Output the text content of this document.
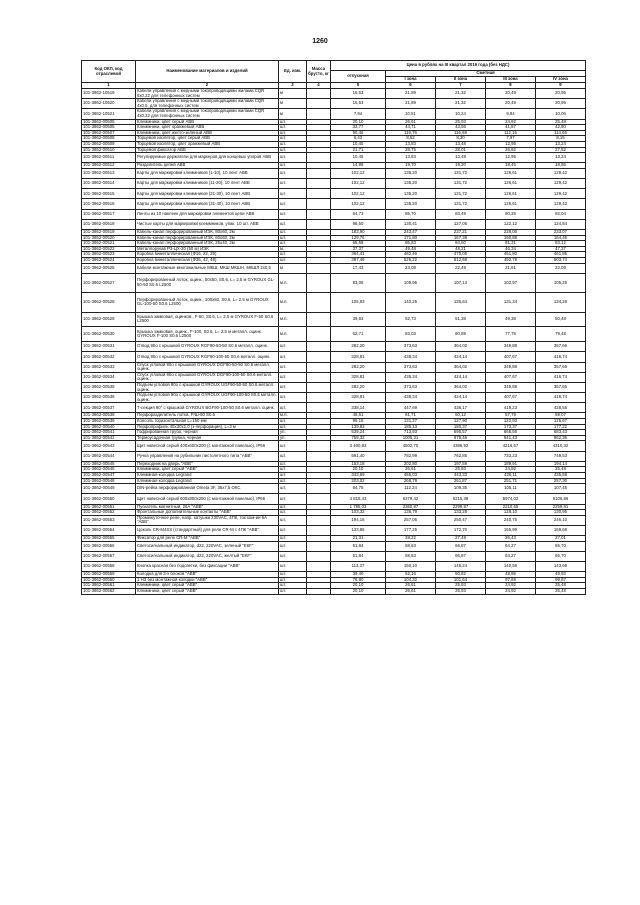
1260
Код ОКП, код отраслевой	Наименование материалов и изделий	Ед. изм.	Масса брутто, кг	Цена в рублях на III квартал 2016 года (без НДС)				
				отпускная	Сметная			
					I зона	II зона	III зона	IV зона
1	2	3	4	5	6	7	8	9
101-3862-10519	Кабели управления с медными токопроводящими жилами CQR 6x0.22 для телефонных систем	м		16,53	21,89	21,32	20,49	20,95
101-3862-10520	Кабели управления с медными токопроводящими жилами CQR 4x0.5, для телефонных систем	м		16,53	21,89	21,32	20,49	20,95
101-3862-10521	Кабели управления с медными токопроводящими жилами CQR 4x0.22 для телефонных систем	м		7,94	10,51	10,24	9,84	10,06
101-3862-00505	Клеммники, цвет серый ABB	шт.		20,10	26,61	25,93	24,92	25,48
101-3862-00506	Клеммники, цвет оранжевый ABB	шт.		33,77	44,71	43,56	41,87	42,80
101-3862-00507	Клеммники, цвет желто-зеленый ABB	шт.		90,46	119,76	116,68	112,15	114,65
101-3862-00508	Торцевой изолятор, цвет серый ABB	шт.		6,43	8,52	8,30	7,97	8,15
101-3862-00509	Торцевой изолятор, цвет оранжевый ABB	шт.		10,45	13,83	13,48	12,95	13,24
101-3862-00510	Торцевой фиксатор ABB	шт.		21,71	28,75	28,01	26,92	27,52
101-3862-00511	Регулируемые держатели для маркеров для концевых упоров ABB	шт.		10,45	13,83	13,48	12,95	13,24
101-3862-00512	Разделитель цепей ABB	шт.		14,88	19,70	19,20	18,45	18,86
101-3862-00513	Карты для маркировки клеммников (1-10), 10 лент ABB	шт.		102,12	135,20	131,72	126,61	129,42
101-3862-00514	Карты для маркировки клеммников (11-20), 10 лент ABB	шт.		102,12	135,20	131,72	126,61	129,42
101-3862-00515	Карты для маркировки клеммников (21-30), 10 лент ABB	шт.		102,12	135,20	131,72	126,61	129,42
101-3862-00516	Карты для маркировки клеммников (31-40), 10 лент ABB	шт.		102,12	135,20	131,72	126,61	129,42
101-3862-00517	Ленты из 10 наклеек для маркировки элементов цепи ABB	шт.		64,73	85,70	83,49	80,25	82,04
101-3862-00518	Чистые карты для маркировки клеммников, упак. 10 шт. ABB	шт.		98,50	130,41	127,06	122,12	124,84
101-3862-00519	Кабель-канал перфорированный ИЭК, 80x60, 2м	шт.		183,90	243,47	237,21	228,00	233,07
101-3862-00520	Кабель-канал перфорированный ИЭК, 60x60, 2м	шт.		129,76	171,80	167,38	160,88	164,46
101-3862-00521	Кабель-канал перфорированный ИЭК, 25x40, 2м	шт.		65,58	86,83	84,60	81,31	83,12
101-3862-00522	Металлорукав Р3-ЦХ-20 (50 м) ИЭК	м.		37,37	49,48	48,21	46,34	47,37
101-3862-00523	Коробка биметаллическая (Ф16, 22, 29)	шт.		364,41	482,46	470,05	451,80	461,85
101-3862-00524	Коробка биметаллическая (Ф36, 42, 48)	шт.		397,46	526,22	512,68	492,78	503,74
101-3862-00525	Кабели монтажные многожильные МКШ, МКШ МКШН, МКШЛ 2х0,5	м		17,43	23,08	22,49	21,61	22,09
101-3862-00527	Перфорированный лоток, оцинк., 50х50, S0.6, L= 2.5 м GYROUX GL-50-50 S0.6 L2500	м.п.		83,05	109,96	107,13	102,97	105,26
101-3862-00528	Перфорированный лоток, оцинк., 100х50, S0.6, L= 2.5 м GYROUX GL-100-50 S0.6 L2500	м.п.		105,93	140,25	136,64	131,34	134,26
101-3862-00529	Крышка замковая, оцинков., F-50, S0.6, L= 2.5 м GYROUX F-50 S0.6 L2500	м.п.		39,83	52,73	51,38	49,38	50,48
101-3862-00530	Крышка замковая, оцинк., F-100, S0.6, L= 2.5 м металл. оцинк. GYROUX F-100 S0.6 L2500	м.п.		62,71	83,03	80,89	77,75	79,48
101-3862-00531	Отвод 90о с крышкой GYROUX RGF90-50-50 S0.6 металл. оцинк.	шт.		282,20	373,63	364,02	349,88	357,66
101-3862-00532	Отвод 90о с крышкой GYROUX RGF90-100-50 S0.6 металл. оцинк.	шт.		328,81	435,34	424,14	407,67	416,74
101-3862-00533	Спуск угловой 90о с крышкой GYROUX DGF90-50-50 S0.6 металл. оцинк.	шт.		282,20	373,63	364,02	349,88	357,66
101-3862-00534	Спуск угловой 90о с крышкой GYROUX DGF90-100-50 S0.6 металл. оцинк.	шт.		328,81	435,34	424,14	407,67	416,74
101-3862-00535	Подъем угловой 90о с крышкой GYROUX UGF90-50-50 S0.6 металл. оцинк.	шт.		282,20	373,63	364,02	349,88	357,66
101-3862-00536	Подъем угловой 90о с крышкой GYROUX UGF90-100-50 S0.6 металл. оцинк.	шт.		328,81	435,34	424,14	407,67	416,74
101-3862-00537	Т-секция 90° с крышкой GYROUX BGF90-100-50 S0.6 металл. оцинк.	шт.		338,14	447,69	436,17	419,23	428,55
101-3862-00538	Перфоразделитель лотка, Р/Ш-50 S0.6	м.п.		46,61	61,71	60,12	57,79	59,07
101-3862-00539	Консоль горизонтальная L=150 мм	шт.		99,15	131,27	127,90	122,93	125,67
101-3862-00540	Перфопрофиль 45х30х2,0 (з-перфорация), L=3 м	шт.		139,83	185,13	180,37	173,37	177,22
101-3862-00541	Гофрированная труба, черная	уп.		539,24	713,93	695,57	668,56	683,43
101-3862-00542	Термоусадочная трубка, черная	уп.		759,32	1005,31	979,46	941,43	962,36
101-3862-00543	Щит навесной серый 400х600х200 (с монтажной панелью), IP66	шт.		3 400,93	4502,70	4386,92	4216,57	4310,32
101-3862-00544	Ручка управления на рубильник пистолетного типа "ABB"	шт.		591,40	782,99	762,85	733,23	749,53
101-3862-00545	Переходник на дверь "ABB"	шт.		153,18	202,80	197,59	189,91	194,14
101-3862-00546	Клеммники, цвет серый "ABB"	шт.		20,10	26,61	25,93	24,92	25,48
101-3862-00547	Клеммная колодка Legrand	шт.		343,69	455,03	443,33	426,11	435,59
101-3862-00548	Клеммная колодка Legrand	шт.		203,02	268,79	261,87	251,71	257,30
101-3862-00549	DIN-рейка перфорированная Ometa 3F, 35x7,5 ОКС	шт.		84,75	112,24	109,35	105,11	107,45
101-3862-00550	Щит навесной серый 600х800х250 (с монтажной панелью), IP66	шт.		4 818,43	6379,42	6215,38	5974,02	6106,86
101-3862-00551	Пускатель магнитный, 26А "ABB"	шт.		1 785,03	2360,87	2299,97	2210,65	2259,81
101-3862-00552	Фронтальные дополнительные контакты "ABB"	шт.		103,32	136,79	133,28	128,10	130,95
101-3862-00553	Промежуточное реле, напр. катушки 230VAC, 4ПК, ток ком-ии 6А "ABB"	шт.		194,16	257,06	250,47	240,75	246,10
101-3862-00554	Цоколь CR-M4SS (стандартный) для реле CR-M с 4ПК "ABB"	шт.		133,86	177,25	172,70	165,99	169,68
101-3862-00555	Фиксатор для реле CR-M "ABB"	шт.		21,31	28,22	27,49	26,43	27,01
101-3862-00556	Светосигнальный индикатор, d22, 220VAC, зеленый "ЕКF"	шт.		51,84	68,63	66,87	64,27	65,70
101-3862-00557	Светосигнальный индикатор, d22, 220VAC, желтый "ЕКF"	шт.		51,84	68,63	66,87	64,27	65,70
101-3862-00558	Кнопка красная без подсветки, без фиксации "ABB"	шт.		113,37	150,10	146,24	140,56	143,69
101-3862-00559	Колодка для 3-х блоков "ABB"	шт.		39,40	52,16	50,82	48,85	49,93
101-3862-00560	1 НЗ без монтажной колодки "ABB"	шт.		78,80	104,32	101,64	97,69	99,87
101-3862-00561	Клеммники, цвет серый "ABB"	шт.		20,10	26,61	25,93	24,92	25,48
101-3862-00562	Клеммники, цвет серый "ABB"	шт.		20,10	26,61	25,93	24,92	25,48
